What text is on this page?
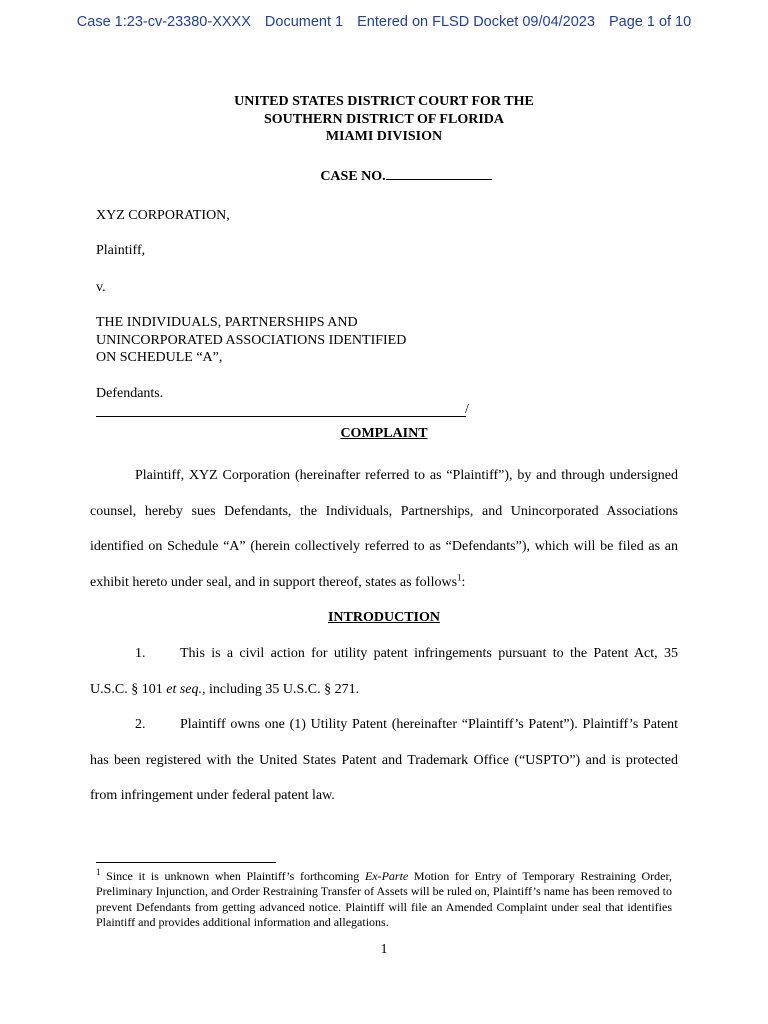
Case 1:23-cv-23380-XXXX Document 1 Entered on FLSD Docket 09/04/2023 Page 1 of 10
UNITED STATES DISTRICT COURT FOR THE
SOUTHERN DISTRICT OF FLORIDA
MIAMI DIVISION
CASE NO.
XYZ CORPORATION,
Plaintiff,
v.
THE INDIVIDUALS, PARTNERSHIPS AND
UNINCORPORATED ASSOCIATIONS IDENTIFIED
ON SCHEDULE “A”,
Defendants.
/
COMPLAINT
Plaintiff, XYZ Corporation (hereinafter referred to as “Plaintiff”), by and through undersigned counsel, hereby sues Defendants, the Individuals, Partnerships, and Unincorporated Associations identified on Schedule “A” (herein collectively referred to as “Defendants”), which will be filed as an exhibit hereto under seal, and in support thereof, states as follows$^1$:
INTRODUCTION
1. This is a civil action for utility patent infringements pursuant to the Patent Act, 35 U.S.C. § 101 et seq., including 35 U.S.C. § 271.
2. Plaintiff owns one (1) Utility Patent (hereinafter “Plaintiff’s Patent”). Plaintiff’s Patent has been registered with the United States Patent and Trademark Office (“USPTO”) and is protected from infringement under federal patent law.
$^1$ Since it is unknown when Plaintiff’s forthcoming Ex-Parte Motion for Entry of Temporary Restraining Order, Preliminary Injunction, and Order Restraining Transfer of Assets will be ruled on, Plaintiff’s name has been removed to prevent Defendants from getting advanced notice. Plaintiff will file an Amended Complaint under seal that identifies Plaintiff and provides additional information and allegations.
1
